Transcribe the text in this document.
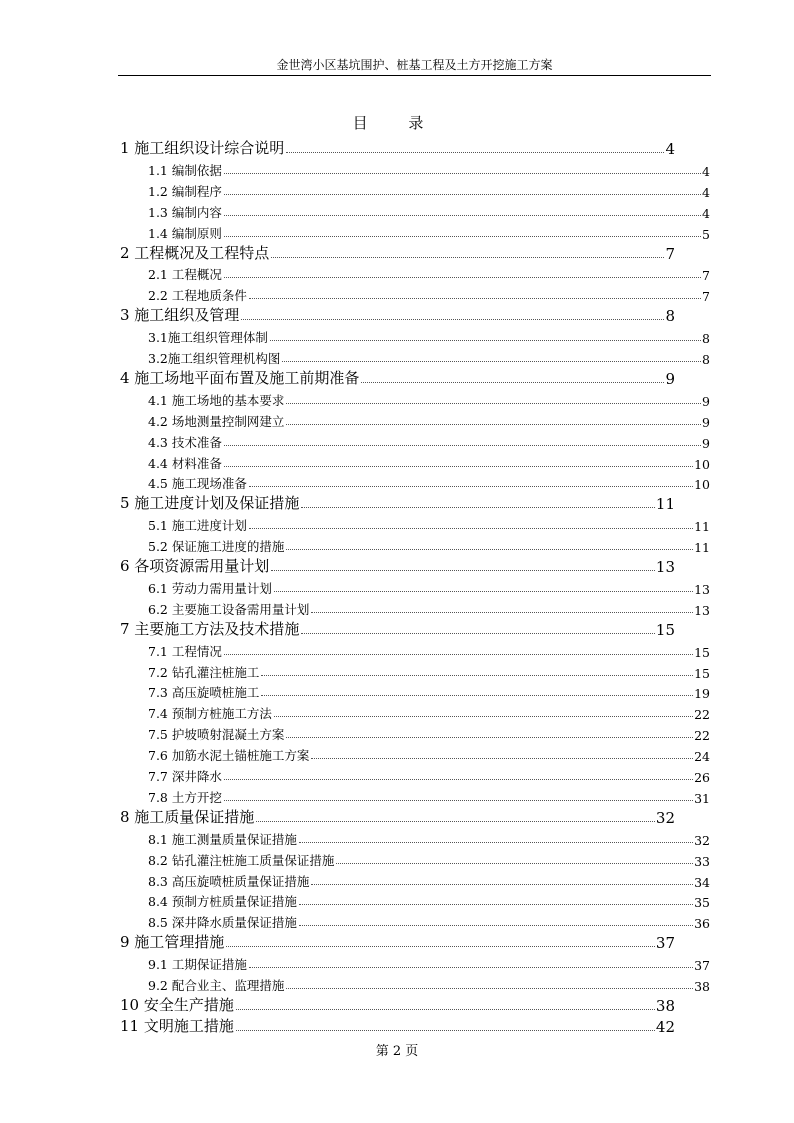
金世湾小区基坑围护、桩基工程及土方开挖施工方案
目 录
1 施工组织设计综合说明	4
1.1 编制依据	4
1.2 编制程序	4
1.3 编制内容	4
1.4 编制原则	5
2 工程概况及工程特点	7
2.1 工程概况	7
2.2 工程地质条件	7
3 施工组织及管理	8
3.1施工组织管理体制	8
3.2施工组织管理机构图	8
4 施工场地平面布置及施工前期准备	9
4.1 施工场地的基本要求	9
4.2 场地测量控制网建立	9
4.3 技术准备	9
4.4 材料准备	10
4.5 施工现场准备	10
5 施工进度计划及保证措施	11
5.1 施工进度计划	11
5.2 保证施工进度的措施	11
6 各项资源需用量计划	13
6.1 劳动力需用量计划	13
6.2 主要施工设备需用量计划	13
7 主要施工方法及技术措施	15
7.1 工程情况	15
7.2 钻孔灌注桩施工	15
7.3 高压旋喷桩施工	19
7.4 预制方桩施工方法	22
7.5 护坡喷射混凝土方案	22
7.6 加筋水泥土锚桩施工方案	24
7.7 深井降水	26
7.8 土方开挖	31
8 施工质量保证措施	32
8.1 施工测量质量保证措施	32
8.2 钻孔灌注桩施工质量保证措施	33
8.3 高压旋喷桩质量保证措施	34
8.4 预制方桩质量保证措施	35
8.5 深井降水质量保证措施	36
9 施工管理措施	37
9.1 工期保证措施	37
9.2 配合业主、监理措施	38
10 安全生产措施	38
11 文明施工措施	42
第 2 页
